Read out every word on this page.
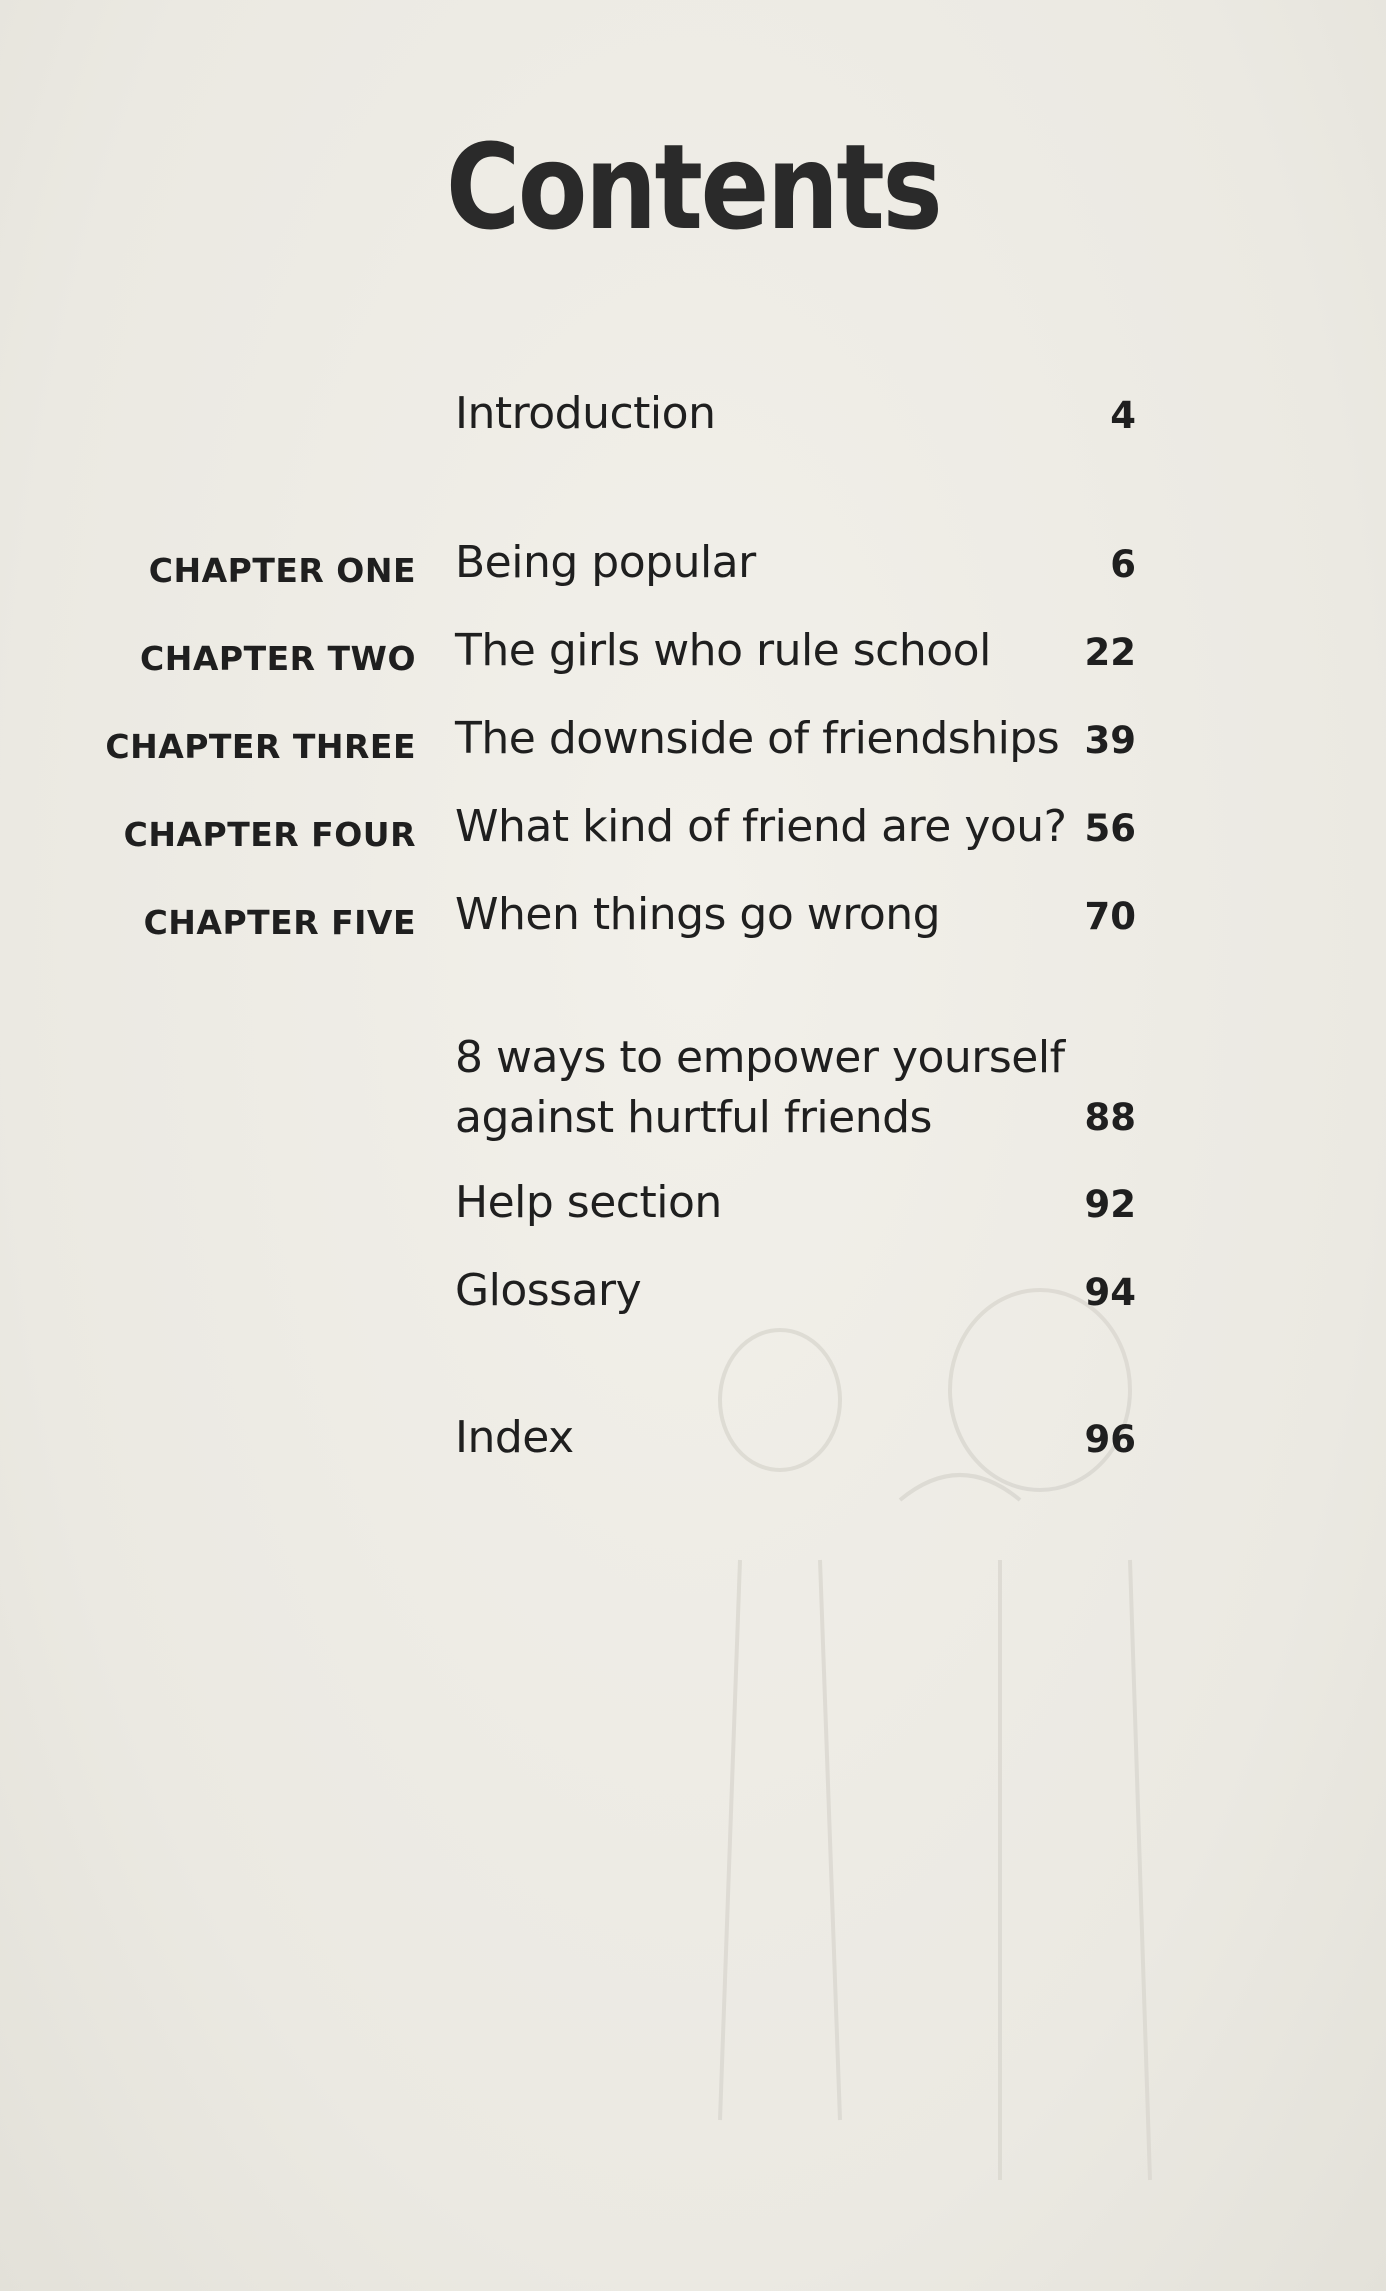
Contents
Introduction	4
CHAPTER ONE Being popular	6
CHAPTER TWO The girls who rule school	22
CHAPTER THREE The downside of friendships 39
CHAPTER FOUR What kind of friend are you? 56
CHAPTER FIVE When things go wrong	70
8 ways to empower yourself
against hurtful friends	88
Help section	92
Glossary	94
Index	96
